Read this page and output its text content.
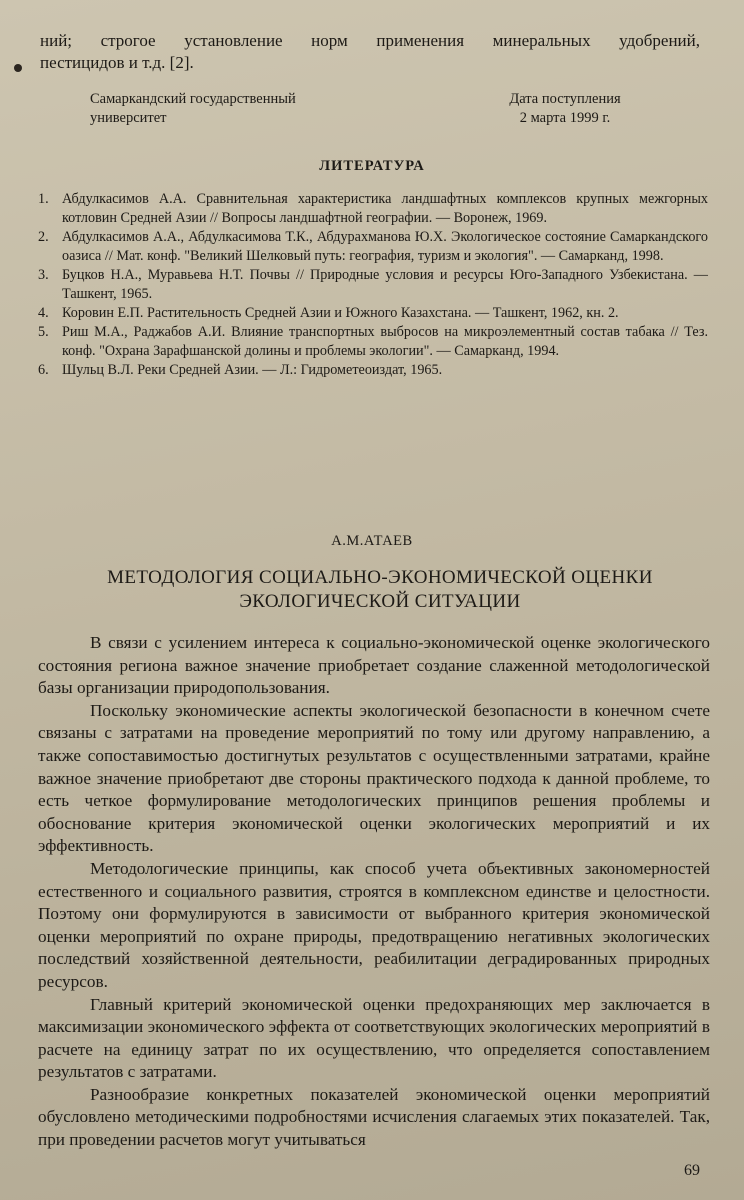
ний; строгое установление норм применения минеральных удобрений,
пестицидов и т.д. [2].
Самаркандский государственный
университет
Дата поступления
2 марта 1999 г.
ЛИТЕРАТУРА
1. Абдулкасимов А.А. Сравнительная характеристика ландшафтных комплексов крупных межгорных котловин Средней Азии // Вопросы ландшафтной географии. — Воронеж, 1969.
2. Абдулкасимов А.А., Абдулкасимова Т.К., Абдурахманова Ю.Х. Экологическое состояние Самаркандского оазиса // Мат. конф. "Великий Шелковый путь: география, туризм и экология". — Самарканд, 1998.
3. Буцков Н.А., Муравьева Н.Т. Почвы // Природные условия и ресурсы Юго-Западного Узбекистана. — Ташкент, 1965.
4. Коровин Е.П. Растительность Средней Азии и Южного Казахстана. — Ташкент, 1962, кн. 2.
5. Риш М.А., Раджабов А.И. Влияние транспортных выбросов на микроэлементный состав табака // Тез. конф. "Охрана Зарафшанской долины и проблемы экологии". — Самарканд, 1994.
6. Шульц В.Л. Реки Средней Азии. — Л.: Гидрометеоиздат, 1965.
А.М.АТАЕВ
МЕТОДОЛОГИЯ СОЦИАЛЬНО-ЭКОНОМИЧЕСКОЙ ОЦЕНКИ
ЭКОЛОГИЧЕСКОЙ СИТУАЦИИ

В связи с усилением интереса к социально-экономической оценке экологического состояния региона важное значение приобретает создание слаженной методологической базы организации природопользования.

Поскольку экономические аспекты экологической безопасности в конечном счете связаны с затратами на проведение мероприятий по тому или другому направлению, а также сопоставимостью достигнутых результатов с осуществленными затратами, крайне важное значение приобретают две стороны практического подхода к данной проблеме, то есть четкое формулирование методологических принципов решения проблемы и обоснование критерия экономической оценки экологических мероприятий и их эффективность.

Методологические принципы, как способ учета объективных закономерностей естественного и социального развития, строятся в комплексном единстве и целостности. Поэтому они формулируются в зависимости от выбранного критерия экономической оценки мероприятий по охране природы, предотвращению негативных экологических последствий хозяйственной деятельности, реабилитации деградированных природных ресурсов.

Главный критерий экономической оценки предохраняющих мер заключается в максимизации экономического эффекта от соответствующих экологических мероприятий в расчете на единицу затрат по их осуществлению, что определяется сопоставлением результатов с затратами.

Разнообразие конкретных показателей экономической оценки мероприятий обусловлено методическими подробностями исчисления слагаемых этих показателей. Так, при проведении расчетов могут учитываться

69
